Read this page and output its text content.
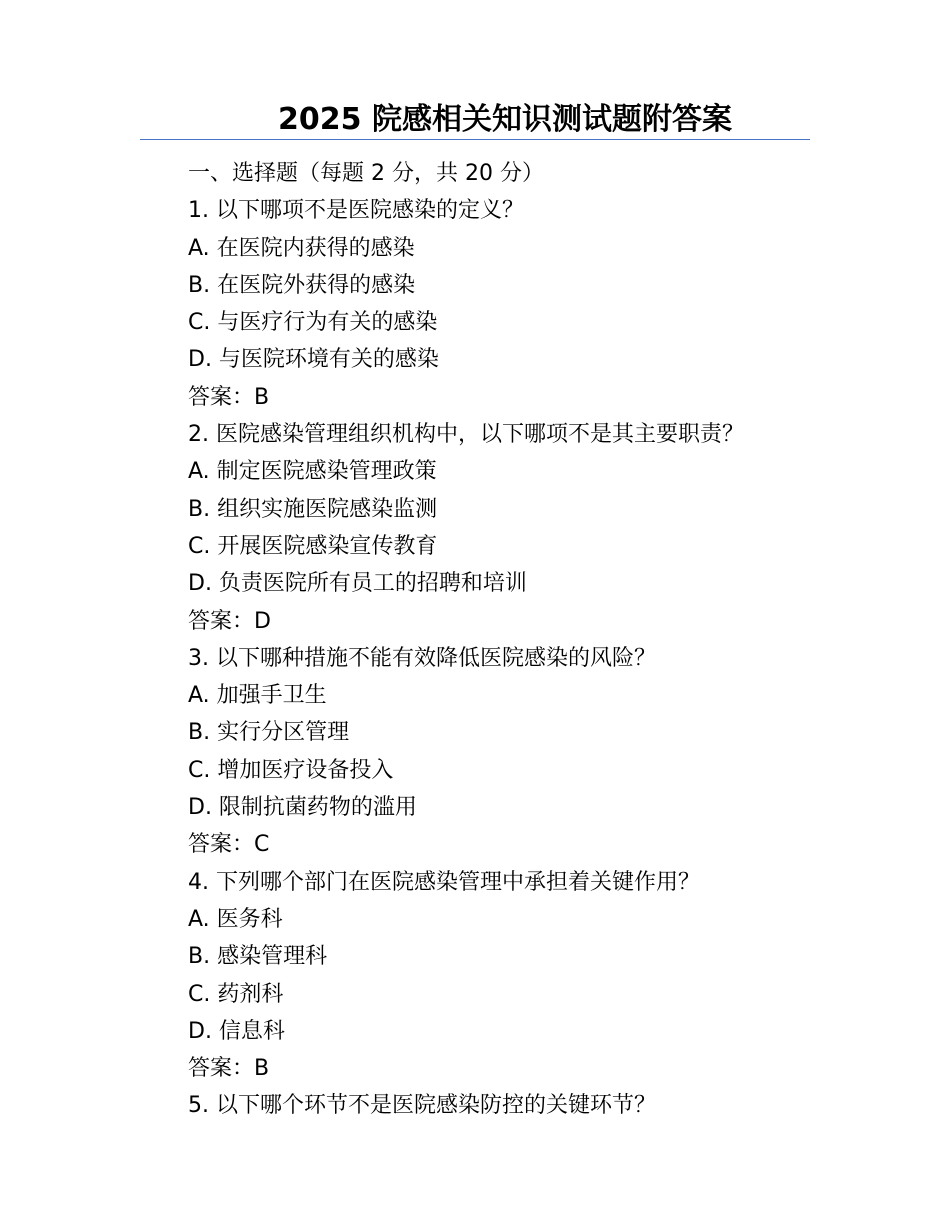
2025 院感相关知识测试题附答案
一、选择题（每题 2 分，共 20 分）
1. 以下哪项不是医院感染的定义？
A. 在医院内获得的感染
B. 在医院外获得的感染
C. 与医疗行为有关的感染
D. 与医院环境有关的感染
答案：B
2. 医院感染管理组织机构中，以下哪项不是其主要职责？
A. 制定医院感染管理政策
B. 组织实施医院感染监测
C. 开展医院感染宣传教育
D. 负责医院所有员工的招聘和培训
答案：D
3. 以下哪种措施不能有效降低医院感染的风险？
A. 加强手卫生
B. 实行分区管理
C. 增加医疗设备投入
D. 限制抗菌药物的滥用
答案：C
4. 下列哪个部门在医院感染管理中承担着关键作用？
A. 医务科
B. 感染管理科
C. 药剂科
D. 信息科
答案：B
5. 以下哪个环节不是医院感染防控的关键环节？
